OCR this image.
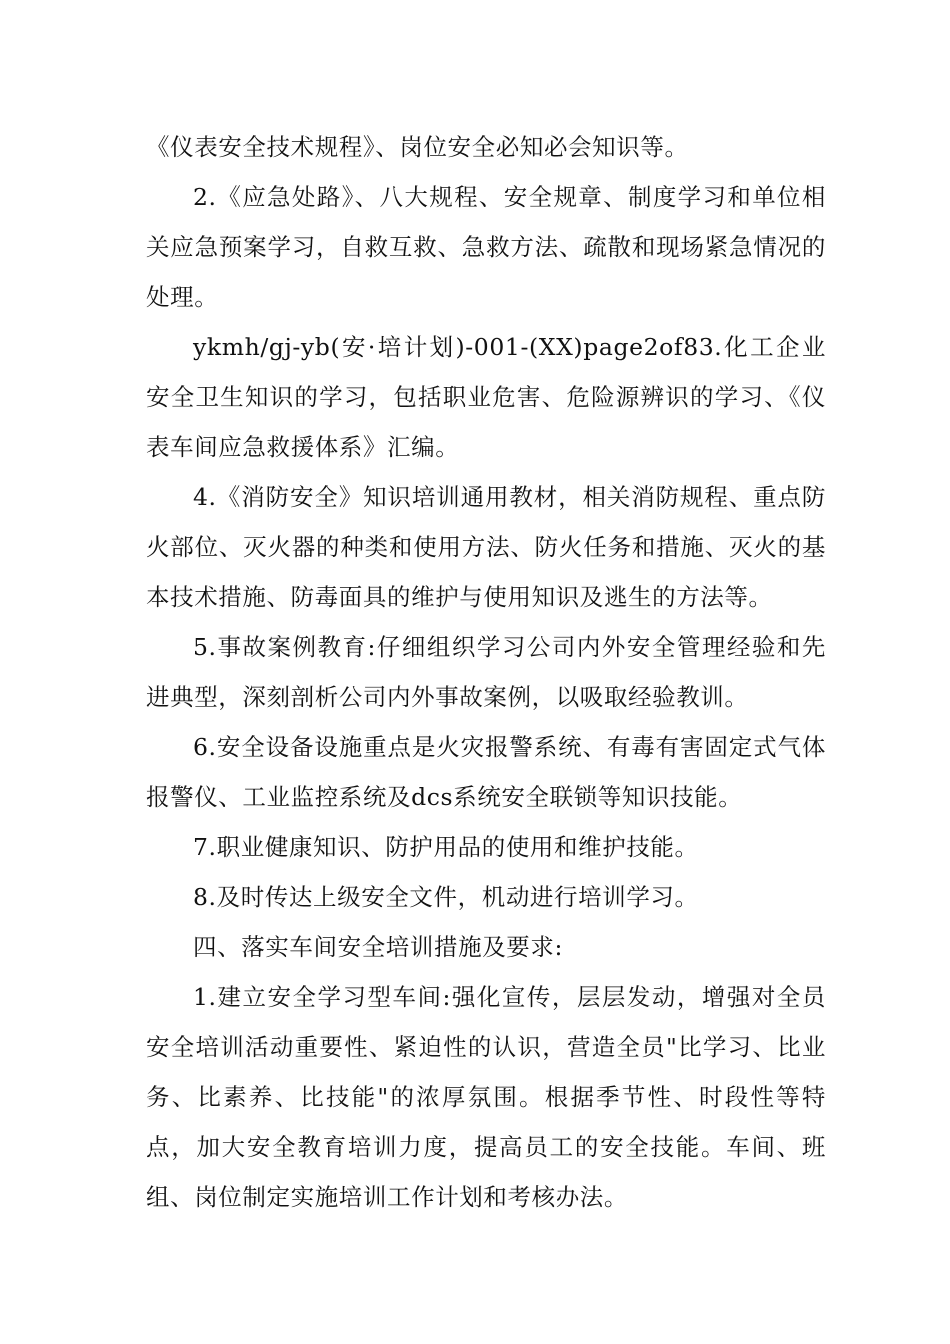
《仪表安全技术规程》、岗位安全必知必会知识等。

2.《应急处路》、八大规程、安全规章、制度学习和单位相关应急预案学习，自救互救、急救方法、疏散和现场紧急情况的处理。

ykmh/gj-yb(安·培计划)-001-(XX)page2of83.化工企业安全卫生知识的学习，包括职业危害、危险源辨识的学习、《仪表车间应急救援体系》汇编。

4.《消防安全》知识培训通用教材，相关消防规程、重点防火部位、灭火器的种类和使用方法、防火任务和措施、灭火的基本技术措施、防毒面具的维护与使用知识及逃生的方法等。

5.事故案例教育:仔细组织学习公司内外安全管理经验和先进典型，深刻剖析公司内外事故案例，以吸取经验教训。

6.安全设备设施重点是火灾报警系统、有毒有害固定式气体报警仪、工业监控系统及dcs系统安全联锁等知识技能。

7.职业健康知识、防护用品的使用和维护技能。

8.及时传达上级安全文件，机动进行培训学习。

四、落实车间安全培训措施及要求:

1.建立安全学习型车间:强化宣传，层层发动，增强对全员安全培训活动重要性、紧迫性的认识，营造全员"比学习、比业务、比素养、比技能"的浓厚氛围。根据季节性、时段性等特点，加大安全教育培训力度，提高员工的安全技能。车间、班组、岗位制定实施培训工作计划和考核办法。
